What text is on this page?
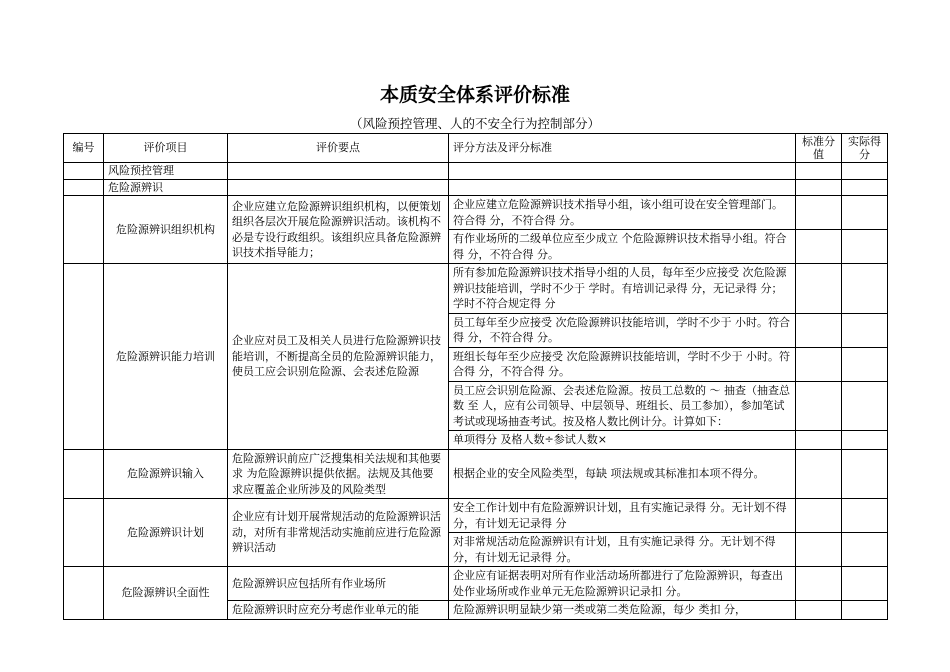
本质安全体系评价标准
（风险预控管理、人的不安全行为控制部分）
编号	评价项目	评价要点	评分方法及评分标准	标准分值	实际得分
	风险预控管理				
	危险源辨识				
	危险源辨识组织机构	企业应建立危险源辨识组织机构，以便策划组织各层次开展危险源辨识活动。该机构不必是专设行政组织。该组织应具备危险源辨识技术指导能力；	企业应建立危险源辨识技术指导小组，该小组可设在安全管理部门。符合得 分，不符合得 分。		
			有作业场所的二级单位应至少成立 个危险源辨识技术指导小组。符合得 分，不符合得 分。		
	危险源辨识能力培训	企业应对员工及相关人员进行危险源辨识技能培训，不断提高全员的危险源辨识能力，使员工应会识别危险源、会表述危险源	所有参加危险源辨识技术指导小组的人员，每年至少应接受 次危险源辨识技能培训，学时不少于 学时。有培训记录得 分，无记录得 分；学时不符合规定得 分		
			员工每年至少应接受 次危险源辨识技能培训，学时不少于 小时。符合得 分，不符合得 分。		
			班组长每年至少应接受 次危险源辨识技能培训，学时不少于 小时。符合得 分，不符合得 分。		
			员工应会识别危险源、会表述危险源。按员工总数的 ～ 抽查（抽查总数 至 人，应有公司领导、中层领导、班组长、员工参加），参加笔试考试或现场抽查考试。按及格人数比例计分。计算如下：		
			单项得分 及格人数÷参试人数×		
	危险源辨识输入	危险源辨识前应广泛搜集相关法规和其他要求 为危险源辨识提供依据。法规及其他要求应覆盖企业所涉及的风险类型	根据企业的安全风险类型，每缺 项法规或其标准扣本项不得分。		
	危险源辨识计划	企业应有计划开展常规活动的危险源辨识活动，对所有非常规活动实施前应进行危险源辨识活动	安全工作计划中有危险源辨识计划，且有实施记录得 分。无计划不得分，有计划无记录得 分		
			对非常规活动危险源辨识有计划，且有实施记录得 分。无计划不得分，有计划无记录得 分。		
	危险源辨识全面性	危险源辨识应包括所有作业场所	企业应有证据表明对所有作业活动场所都进行了危险源辨识，每查出 处作业场所或作业单元无危险源辨识记录扣 分。		
		危险源辨识时应充分考虑作业单元的能	危险源辨识明显缺少第一类或第二类危险源，每少 类扣 分，		
